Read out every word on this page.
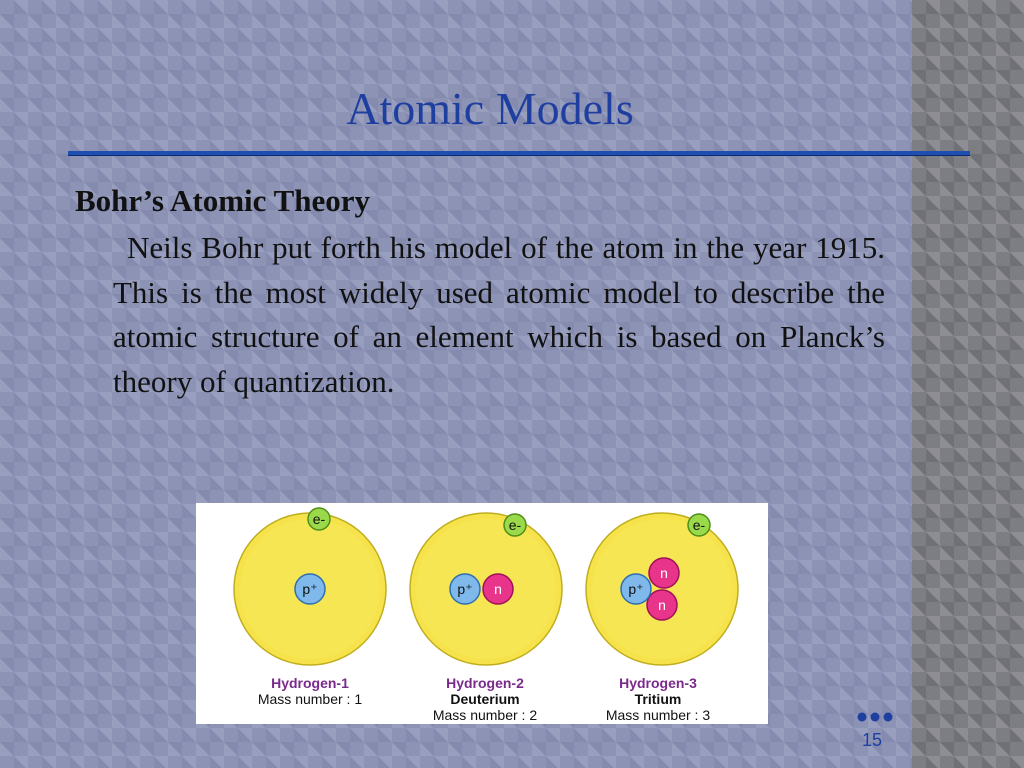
Atomic Models
Bohr’s Atomic Theory
Neils Bohr put forth his model of the atom in the year 1915. This is the most widely used atomic model to describe the atomic structure of an element which is based on Planck’s theory of quantization.
e-
p⁺
e-
p⁺ n
e-
n
n
p⁺
Hydrogen-1
Mass number : 1
Hydrogen-2
Deuterium
Mass number : 2
Hydrogen-3
Tritium
Mass number : 3
15
